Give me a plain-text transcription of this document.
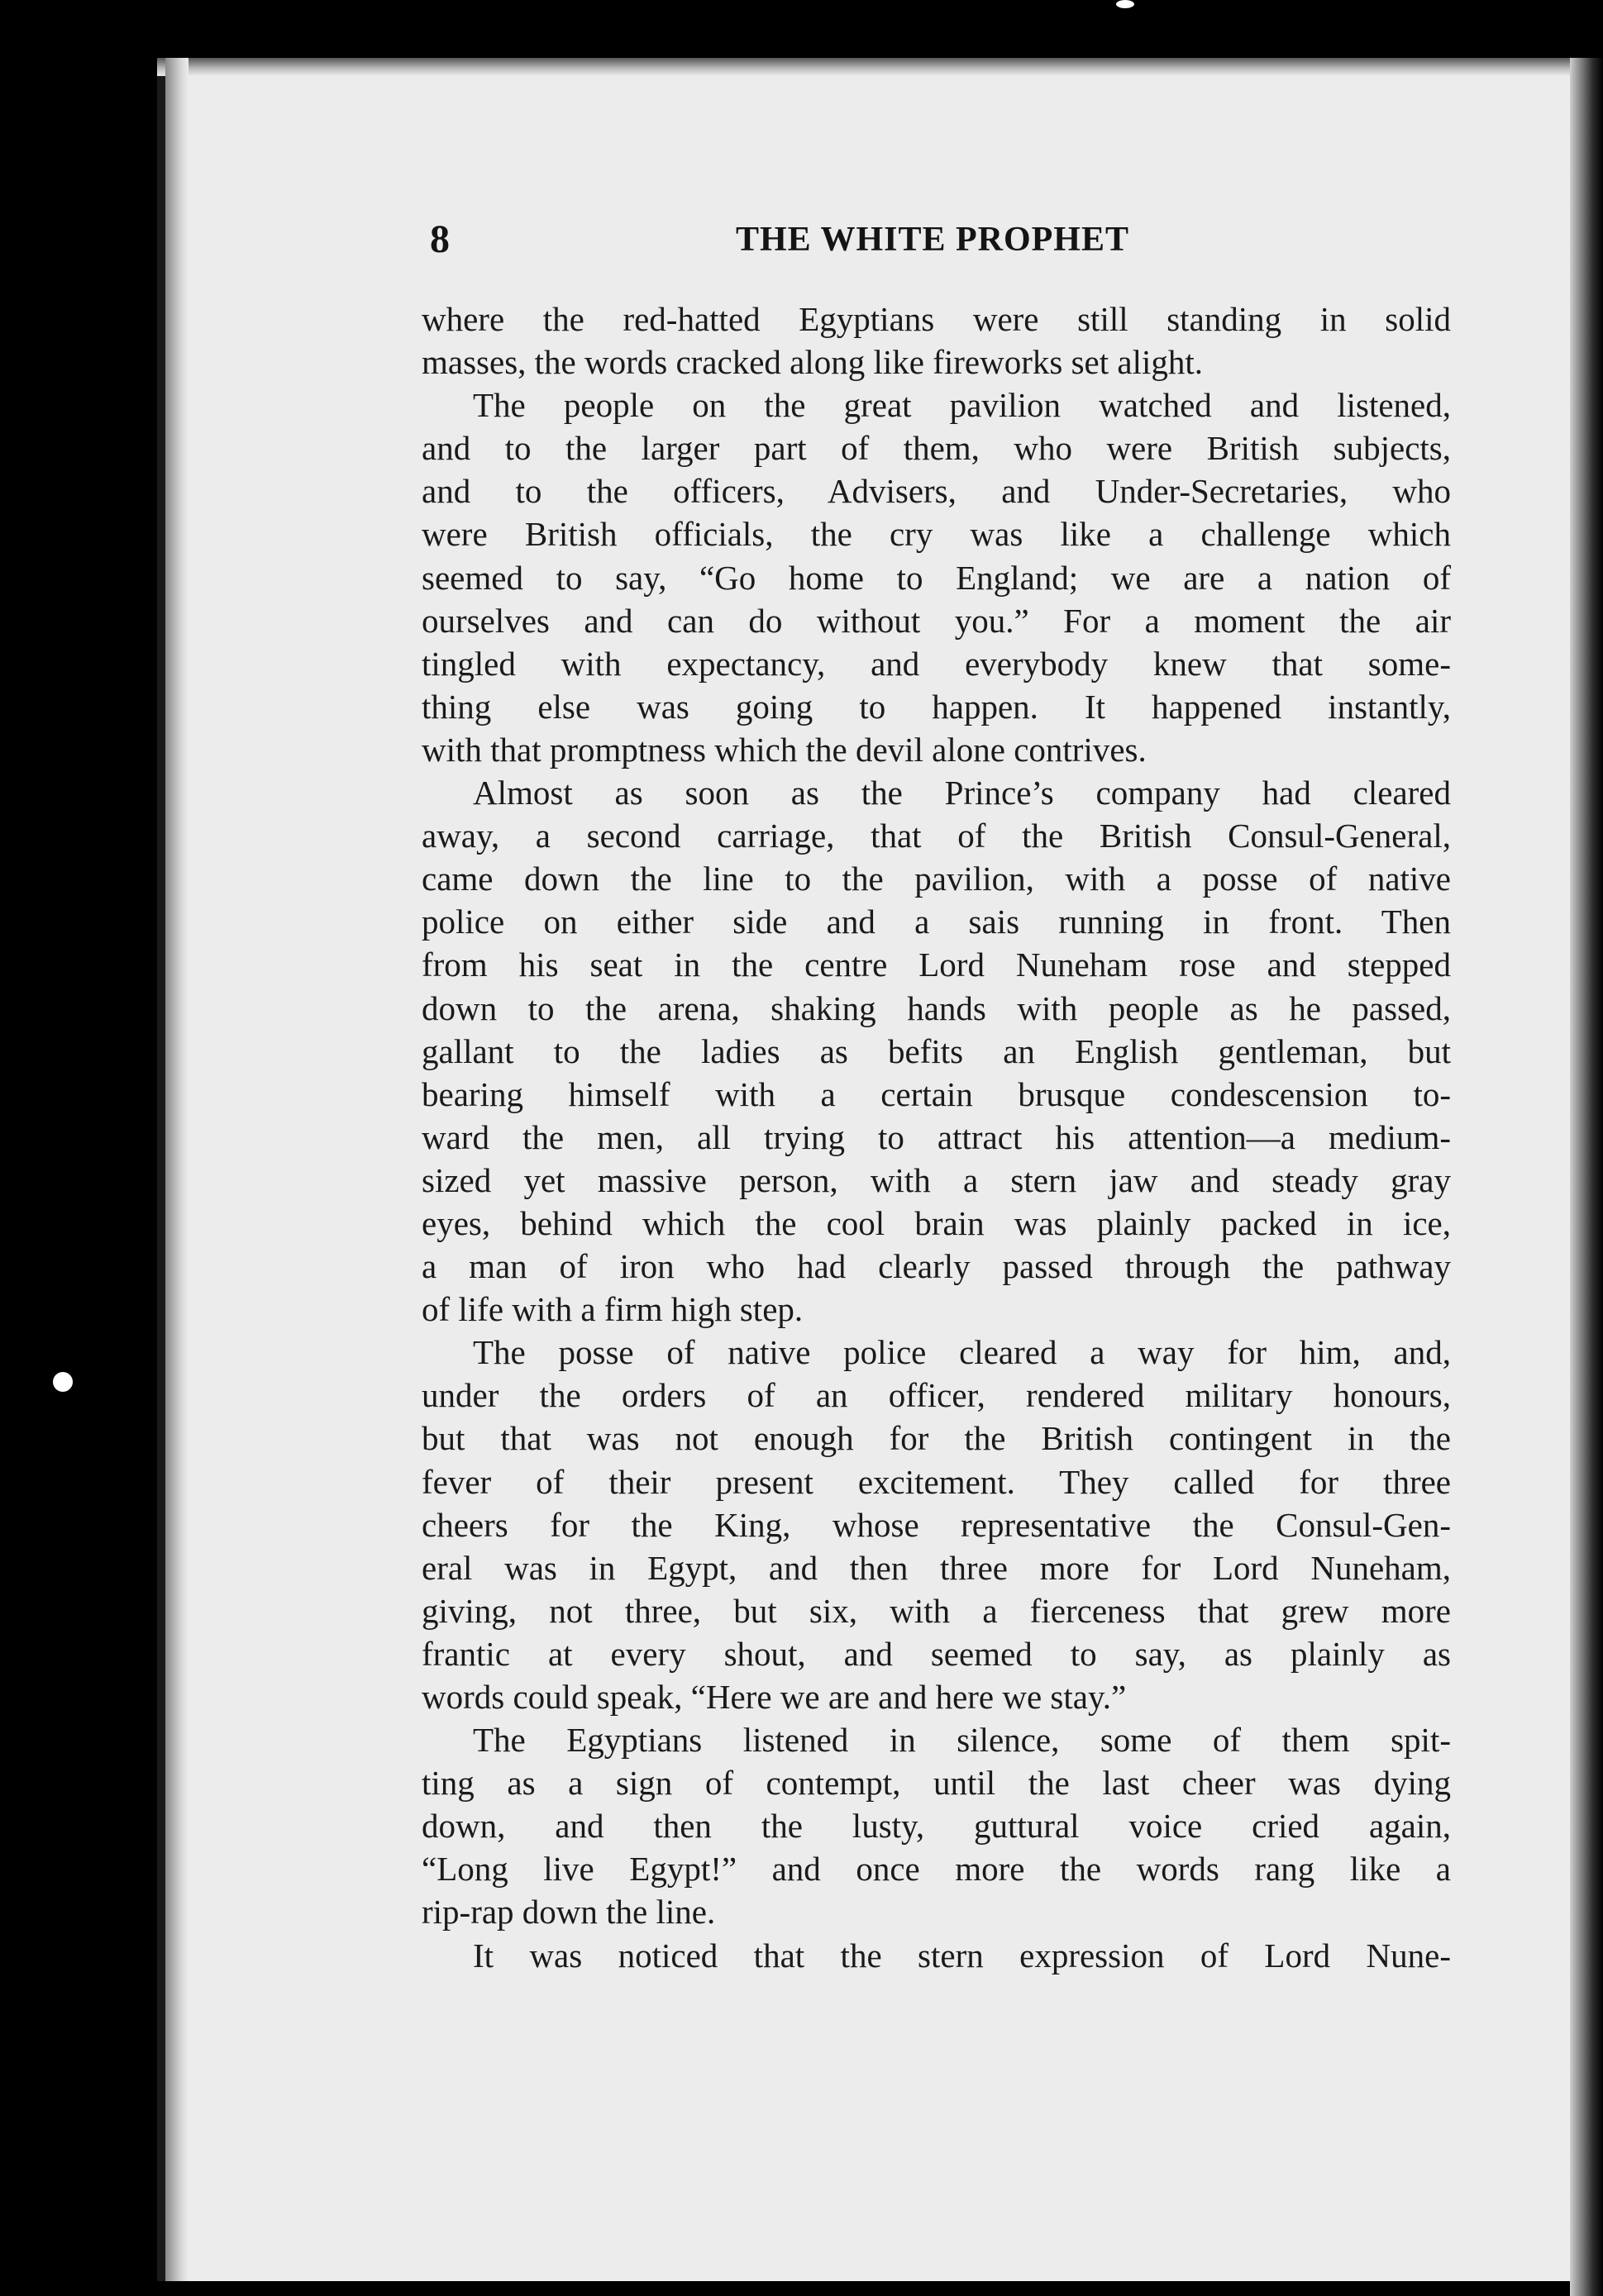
8	THE WHITE PROPHET
where the red-hatted Egyptians were still standing in solid
masses, the words cracked along like fireworks set alight.
The people on the great pavilion watched and listened,
and to the larger part of them, who were British subjects,
and to the officers, Advisers, and Under-Secretaries, who
were British officials, the cry was like a challenge which
seemed to say, “Go home to England; we are a nation of
ourselves and can do without you.” For a moment the air
tingled with expectancy, and everybody knew that some-
thing else was going to happen. It happened instantly,
with that promptness which the devil alone contrives.
Almost as soon as the Prince’s company had cleared
away, a second carriage, that of the British Consul-General,
came down the line to the pavilion, with a posse of native
police on either side and a sais running in front. Then
from his seat in the centre Lord Nuneham rose and stepped
down to the arena, shaking hands with people as he passed,
gallant to the ladies as befits an English gentleman, but
bearing himself with a certain brusque condescension to-
ward the men, all trying to attract his attention—a medium-
sized yet massive person, with a stern jaw and steady gray
eyes, behind which the cool brain was plainly packed in ice,
a man of iron who had clearly passed through the pathway
of life with a firm high step.
The posse of native police cleared a way for him, and,
under the orders of an officer, rendered military honours,
but that was not enough for the British contingent in the
fever of their present excitement. They called for three
cheers for the King, whose representative the Consul-Gen-
eral was in Egypt, and then three more for Lord Nuneham,
giving, not three, but six, with a fierceness that grew more
frantic at every shout, and seemed to say, as plainly as
words could speak, “Here we are and here we stay.”
The Egyptians listened in silence, some of them spit-
ting as a sign of contempt, until the last cheer was dying
down, and then the lusty, guttural voice cried again,
“Long live Egypt!” and once more the words rang like a
rip-rap down the line.
It was noticed that the stern expression of Lord Nune-
